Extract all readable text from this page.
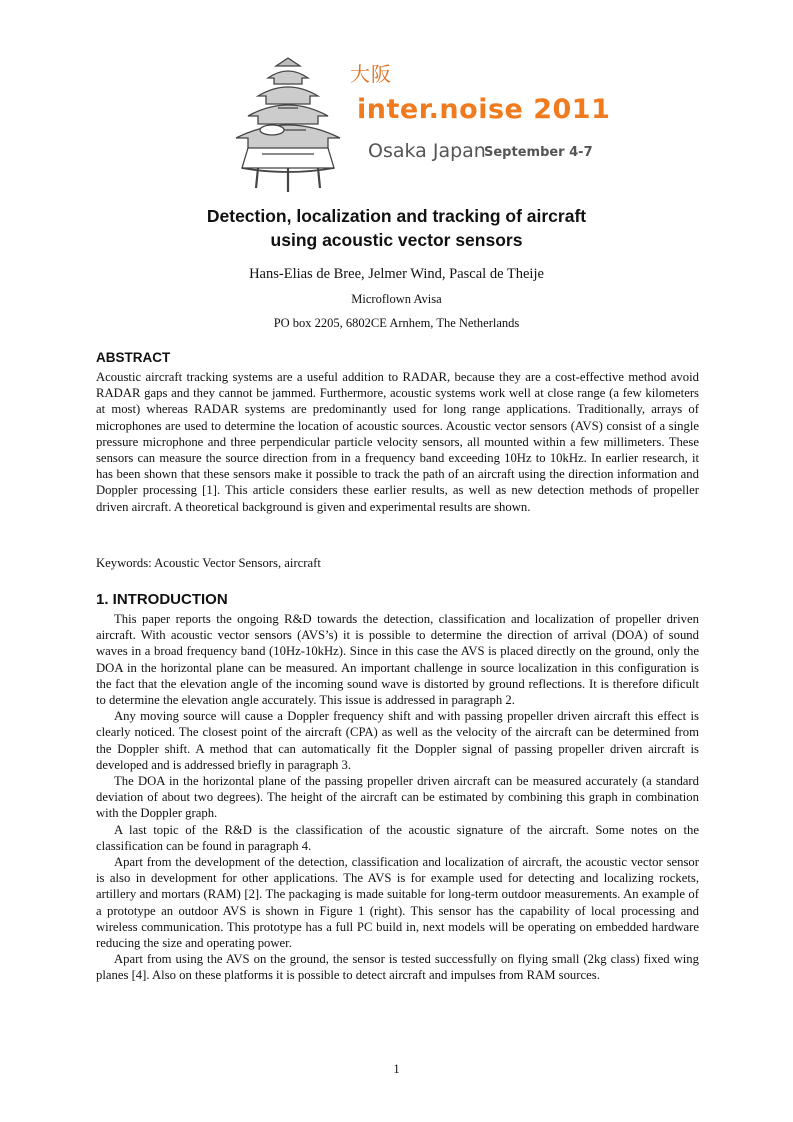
大阪
inter.noise 2011
Osaka Japan
September 4-7
Detection, localization and tracking of aircraft
using acoustic vector sensors
Hans-Elias de Bree, Jelmer Wind, Pascal de Theije
Microflown Avisa
PO box 2205, 6802CE Arnhem, The Netherlands
ABSTRACT

Acoustic aircraft tracking systems are a useful addition to RADAR, because they are a cost-effective method avoid RADAR gaps and they cannot be jammed. Furthermore, acoustic systems work well at close range (a few kilometers at most) whereas RADAR systems are predominantly used for long range applications. Traditionally, arrays of microphones are used to determine the location of acoustic sources. Acoustic vector sensors (AVS) consist of a single pressure microphone and three perpendicular particle velocity sensors, all mounted within a few millimeters. These sensors can measure the source direction from in a frequency band exceeding 10Hz to 10kHz. In earlier research, it has been shown that these sensors make it possible to track the path of an aircraft using the direction information and Doppler processing [1]. This article considers these earlier results, as well as new detection methods of propeller driven aircraft. A theoretical background is given and experimental results are shown.

Keywords: Acoustic Vector Sensors, aircraft

1. INTRODUCTION

This paper reports the ongoing R&D towards the detection, classification and localization of propeller driven aircraft. With acoustic vector sensors (AVS’s) it is possible to determine the direction of arrival (DOA) of sound waves in a broad frequency band (10Hz-10kHz). Since in this case the AVS is placed directly on the ground, only the DOA in the horizontal plane can be measured. An important challenge in source localization in this configuration is the fact that the elevation angle of the incoming sound wave is distorted by ground reflections. It is therefore dificult to determine the elevation angle accurately. This issue is addressed in paragraph 2.

Any moving source will cause a Doppler frequency shift and with passing propeller driven aircraft this effect is clearly noticed. The closest point of the aircraft (CPA) as well as the velocity of the aircraft can be determined from the Doppler shift. A method that can automatically fit the Doppler signal of passing propeller driven aircraft is developed and is addressed briefly in paragraph 3.

The DOA in the horizontal plane of the passing propeller driven aircraft can be measured accurately (a standard deviation of about two degrees). The height of the aircraft can be estimated by combining this graph in combination with the Doppler graph.

A last topic of the R&D is the classification of the acoustic signature of the aircraft. Some notes on the classification can be found in paragraph 4.

Apart from the development of the detection, classification and localization of aircraft, the acoustic vector sensor is also in development for other applications. The AVS is for example used for detecting and localizing rockets, artillery and mortars (RAM) [2]. The packaging is made suitable for long-term outdoor measurements. An example of a prototype an outdoor AVS is shown in Figure 1 (right). This sensor has the capability of local processing and wireless communication. This prototype has a full PC build in, next models will be operating on embedded hardware reducing the size and operating power.

Apart from using the AVS on the ground, the sensor is tested successfully on flying small (2kg class) fixed wing planes [4]. Also on these platforms it is possible to detect aircraft and impulses from RAM sources.

1
